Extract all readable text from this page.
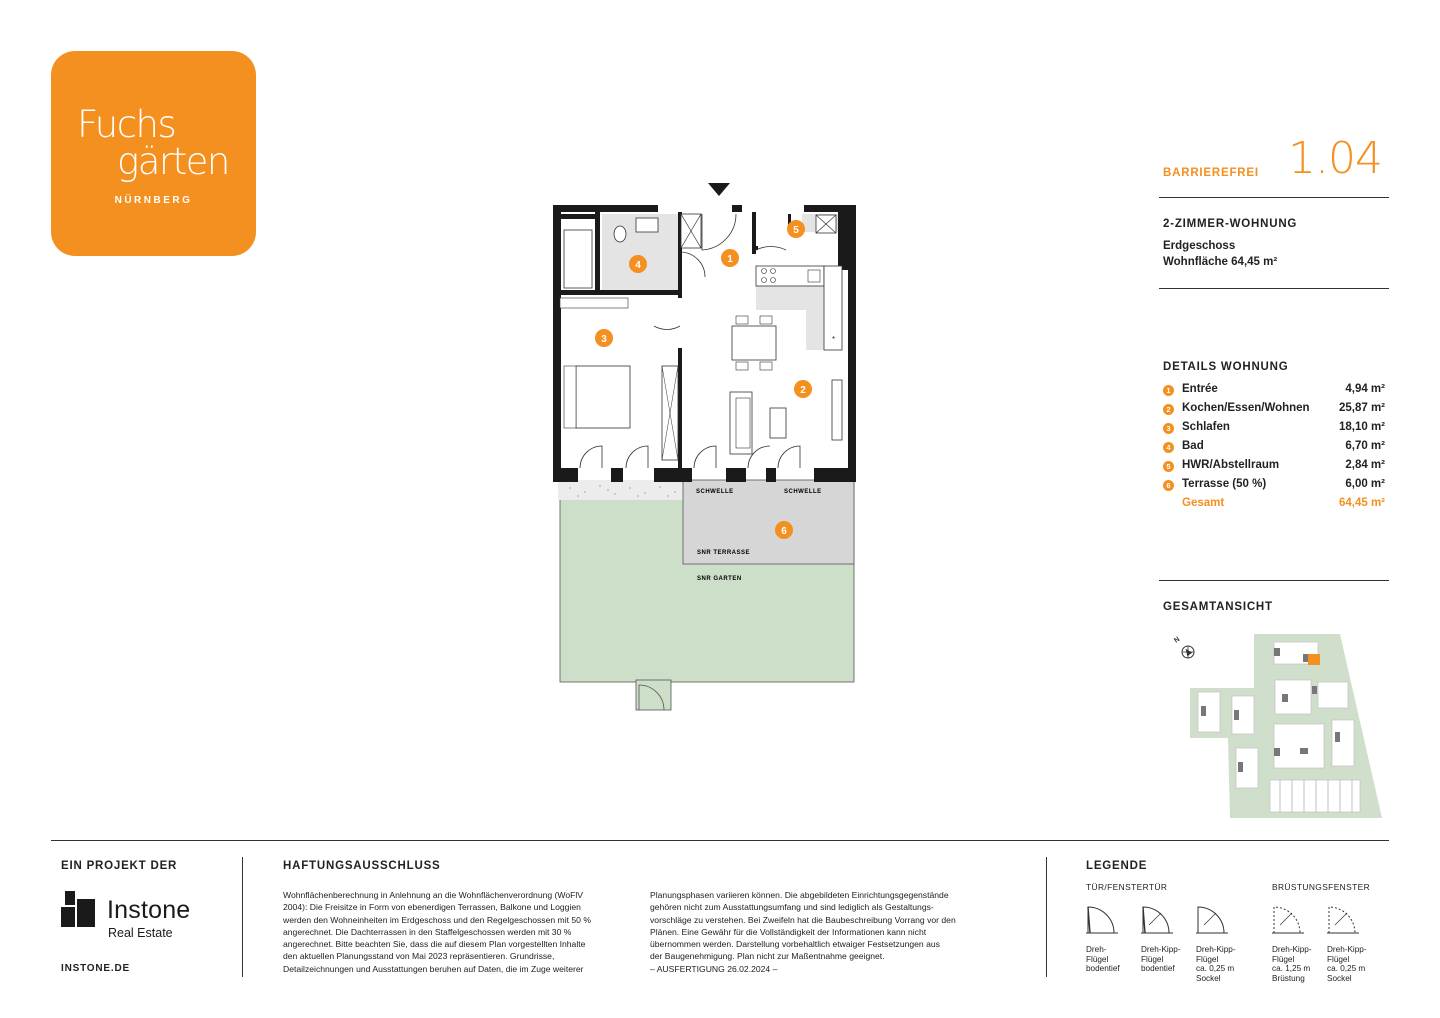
Fuchs
gärten
NÜRNBERG
BARRIEREFREI 1.04
2-ZIMMER-WOHNUNG
Erdgeschoss
Wohnfläche 64,45 m²
DETAILS WOHNUNG
1 Entrée	4,94 m²
2 Kochen/Essen/Wohnen	25,87 m²
3 Schlafen	18,10 m²
4 Bad	6,70 m²
5 HWR/Abstellraum	2,84 m²
6 Terrasse (50 %)	6,00 m²
Gesamt	64,45 m²
GESAMTANSICHT
N
*
1
2
3
4
5
6
SCHWELLE	SCHWELLE
SNR TERRASSE
SNR GARTEN
EIN PROJEKT DER
Instone
Real Estate
INSTONE.DE
HAFTUNGSAUSSCHLUSS
Wohnflächenberechnung in Anlehnung an die Wohnflächenverordnung (WoFlV
2004): Die Freisitze in Form von ebenerdigen Terrassen, Balkone und Loggien
werden den Wohneinheiten im Erdgeschoss und den Regelgeschossen mit 50 %
angerechnet. Die Dachterrassen in den Staffelgeschossen werden mit 30 %
angerechnet. Bitte beachten Sie, dass die auf diesem Plan vorgestellten Inhalte
den aktuellen Planungsstand von Mai 2023 repräsentieren. Grundrisse,
Detailzeichnungen und Ausstattungen beruhen auf Daten, die im Zuge weiterer
Planungsphasen variieren können. Die abgebildeten Einrichtungsgegenstände
gehören nicht zum Ausstattungsumfang und sind lediglich als Gestaltungs-
vorschläge zu verstehen. Bei Zweifeln hat die Baubeschreibung Vorrang vor den
Plänen. Eine Gewähr für die Vollständigkeit der Informationen kann nicht
übernommen werden. Darstellung vorbehaltlich etwaiger Festsetzungen aus
der Baugenehmigung. Plan nicht zur Maßentnahme geeignet.
– AUSFERTIGUNG 26.02.2024 –
LEGENDE
TÜR/FENSTERTÜR	BRÜSTUNGSFENSTER
Dreh-
Flügel
bodentief
Dreh-Kipp-
Flügel
bodentief
Dreh-Kipp-
Flügel
ca. 0,25 m
Sockel
Dreh-Kipp-
Flügel
ca. 1,25 m
Brüstung
Dreh-Kipp-
Flügel
ca. 0,25 m
Sockel
